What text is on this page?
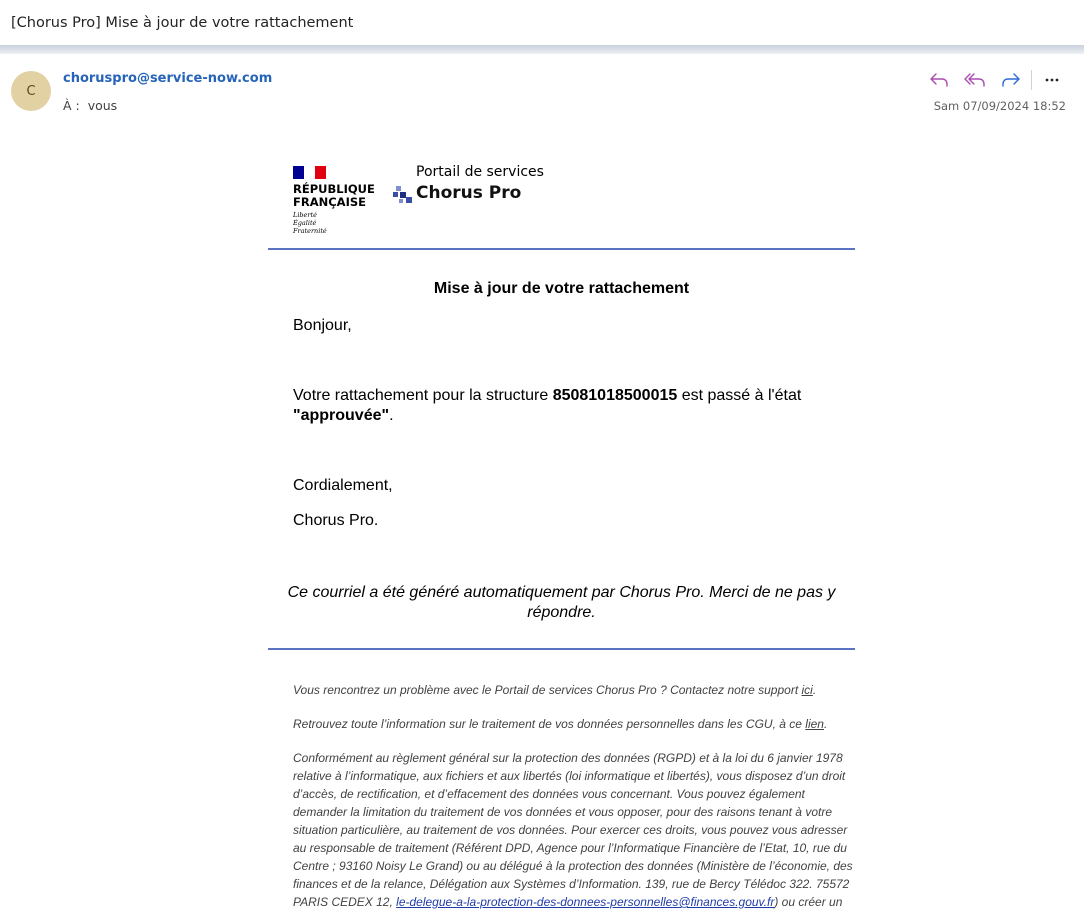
[Chorus Pro] Mise à jour de votre rattachement
C
choruspro@service-now.com
À : vous	Sam 07/09/2024 18:52
RÉPUBLIQUE
FRANÇAISE
Liberté
Égalité
Fraternité
Portail de services
Chorus Pro
Mise à jour de votre rattachement
Bonjour,
Votre rattachement pour la structure 85081018500015 est passé à l'état "approuvée".
Cordialement,
Chorus Pro.
Ce courriel a été généré automatiquement par Chorus Pro. Merci de ne pas y répondre.
Vous rencontrez un problème avec le Portail de services Chorus Pro ? Contactez notre support ici.
Retrouvez toute l’information sur le traitement de vos données personnelles dans les CGU, à ce lien.
Conformément au règlement général sur la protection des données (RGPD) et à la loi du 6 janvier 1978 relative à l’informatique, aux fichiers et aux libertés (loi informatique et libertés), vous disposez d’un droit d’accès, de rectification, et d’effacement des données vous concernant. Vous pouvez également demander la limitation du traitement de vos données et vous opposer, pour des raisons tenant à votre situation particulière, au traitement de vos données. Pour exercer ces droits, vous pouvez vous adresser au responsable de traitement (Référent DPD, Agence pour l’Informatique Financière de l’Etat, 10, rue du Centre ; 93160 Noisy Le Grand) ou au délégué à la protection des données (Ministère de l’économie, des finances et de la relance, Délégation aux Systèmes d’Information. 139, rue de Bercy Télédoc 322. 75572 PARIS CEDEX 12, le-delegue-a-la-protection-des-donnees-personnelles@finances.gouv.fr) ou créer un
